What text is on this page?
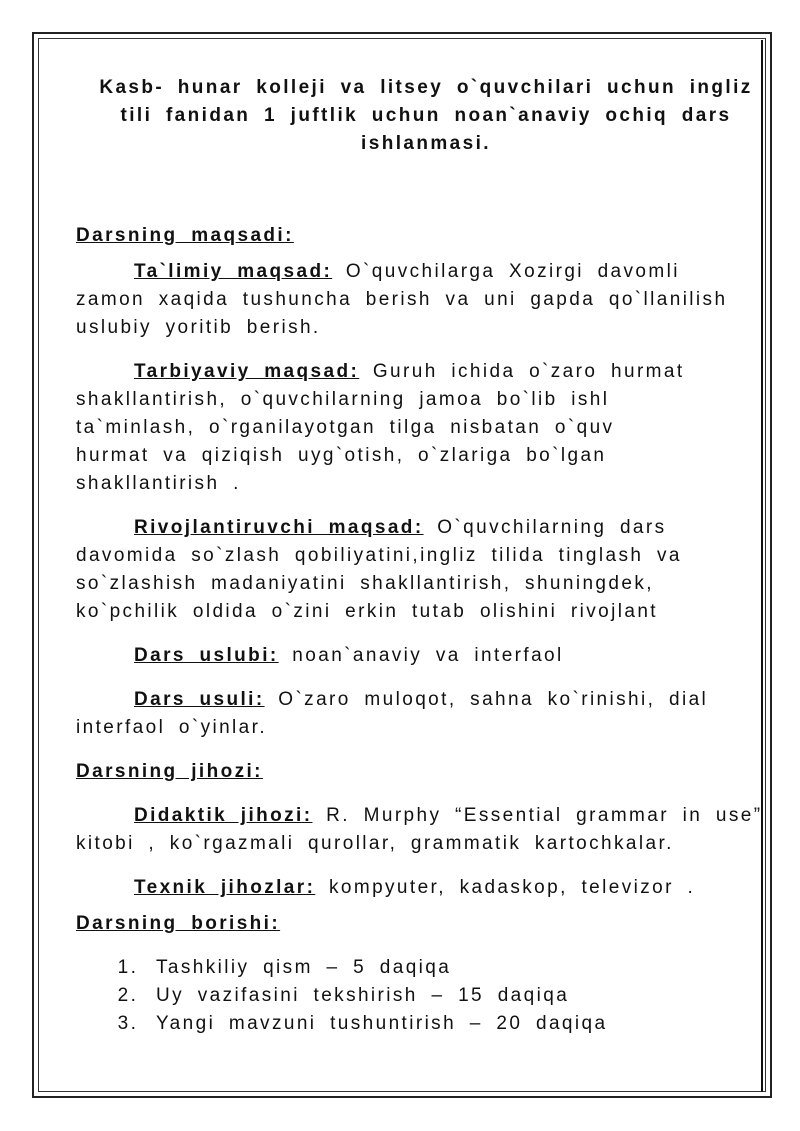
Kasb- hunar kolleji va litsey o`quvchilari uchun ingliz
tili fanidan 1 juftlik uchun noan`anaviy ochiq dars
ishlanmasi.
Darsning maqsadi:
Ta`limiy maqsad: O`quvchilarga Xozirgi davomli
zamon xaqida tushuncha berish va uni gapda qo`llanilish
uslubiy yoritib berish.
Tarbiyaviy maqsad: Guruh ichida o`zaro hurmat
shakllantirish, o`quvchilarning jamoa bo`lib ishl
ta`minlash, o`rganilayotgan tilga nisbatan o`quv
hurmat va qiziqish uyg`otish, o`zlariga bo`lgan
shakllantirish .
Rivojlantiruvchi maqsad: O`quvchilarning dars
davomida so`zlash qobiliyatini,ingliz tilida tinglash va
so`zlashish madaniyatini shakllantirish, shuningdek,
ko`pchilik oldida o`zini erkin tutab olishini rivojlant
Dars uslubi: noan`anaviy va interfaol
Dars usuli: O`zaro muloqot, sahna ko`rinishi, dial
interfaol o`yinlar.
Darsning jihozi:
Didaktik jihozi: R. Murphy “Essential grammar in use”
kitobi , ko`rgazmali qurollar, grammatik kartochkalar.
Texnik jihozlar: kompyuter, kadaskop, televizor .
Darsning borishi:
1. Tashkiliy qism – 5 daqiqa
2. Uy vazifasini tekshirish – 15 daqiqa
3. Yangi mavzuni tushuntirish – 20 daqiqa
